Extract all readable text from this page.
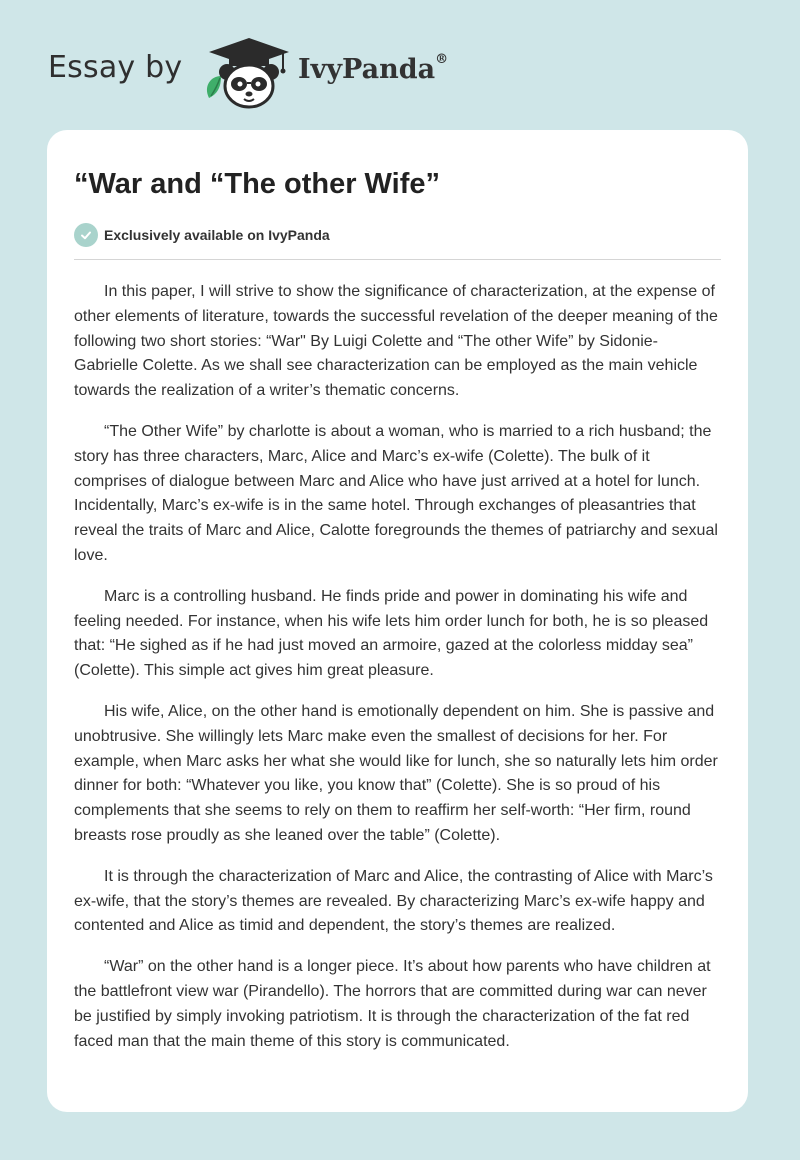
Essay by	IvyPanda®
“War and “The other Wife”
Exclusively available on IvyPanda

In this paper, I will strive to show the significance of characterization, at the expense of other elements of literature, towards the successful revelation of the deeper meaning of the following two short stories: “War" By Luigi Colette and “The other Wife” by Sidonie-Gabrielle Colette. As we shall see characterization can be employed as the main vehicle towards the realization of a writer’s thematic concerns.

“The Other Wife” by charlotte is about a woman, who is married to a rich husband; the story has three characters, Marc, Alice and Marc’s ex-wife (Colette). The bulk of it comprises of dialogue between Marc and Alice who have just arrived at a hotel for lunch. Incidentally, Marc’s ex-wife is in the same hotel. Through exchanges of pleasantries that reveal the traits of Marc and Alice, Calotte foregrounds the themes of patriarchy and sexual love.

Marc is a controlling husband. He finds pride and power in dominating his wife and feeling needed. For instance, when his wife lets him order lunch for both, he is so pleased that: “He sighed as if he had just moved an armoire, gazed at the colorless midday sea” (Colette). This simple act gives him great pleasure.

His wife, Alice, on the other hand is emotionally dependent on him. She is passive and unobtrusive. She willingly lets Marc make even the smallest of decisions for her. For example, when Marc asks her what she would like for lunch, she so naturally lets him order dinner for both: “Whatever you like, you know that” (Colette). She is so proud of his complements that she seems to rely on them to reaffirm her self-worth: “Her firm, round breasts rose proudly as she leaned over the table” (Colette).

It is through the characterization of Marc and Alice, the contrasting of Alice with Marc’s ex-wife, that the story’s themes are revealed. By characterizing Marc’s ex-wife happy and contented and Alice as timid and dependent, the story’s themes are realized.

“War” on the other hand is a longer piece. It’s about how parents who have children at the battlefront view war (Pirandello). The horrors that are committed during war can never be justified by simply invoking patriotism. It is through the characterization of the fat red faced man that the main theme of this story is communicated.
